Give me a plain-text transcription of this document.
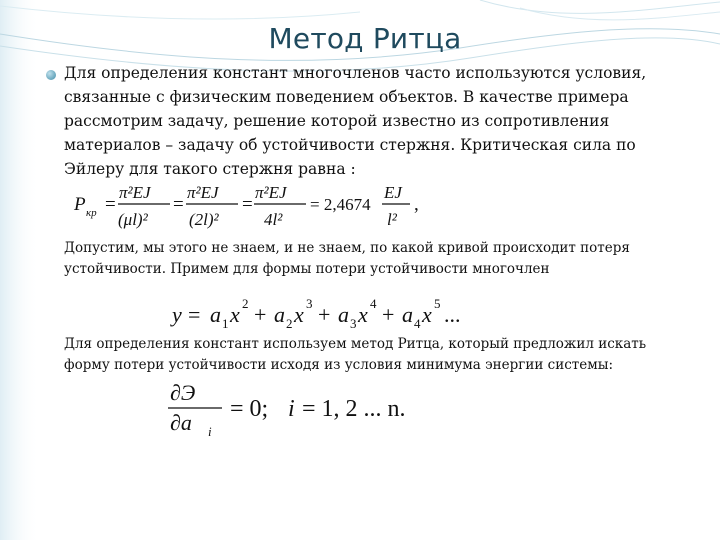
Метод Ритца
Для определения констант многочленов часто используются условия, связанные с физическим поведением объектов. В качестве примера рассмотрим задачу, решение которой известно из сопротивления материалов – задачу об устойчивости стержня. Критическая сила по Эйлеру для такого стержня равна :
P кр =
π²EJ
(μl)²
=
π²EJ
(2l)²
=
π²EJ
4l²
= 2,4674
EJ
l²
,
Допустим, мы этого не знаем, и не знаем, по какой кривой происходит потеря устойчивости. Примем для формы потери устойчивости многочлен
y = a 1 x 2 + a 2 x 3 + a 3 x 4 + a 4 x 5 ...
Для определения констант используем метод Ритца, который предложил искать форму потери устойчивости исходя из условия минимума энергии системы:
∂Э
∂a i
= 0; i = 1, 2 ... n.
